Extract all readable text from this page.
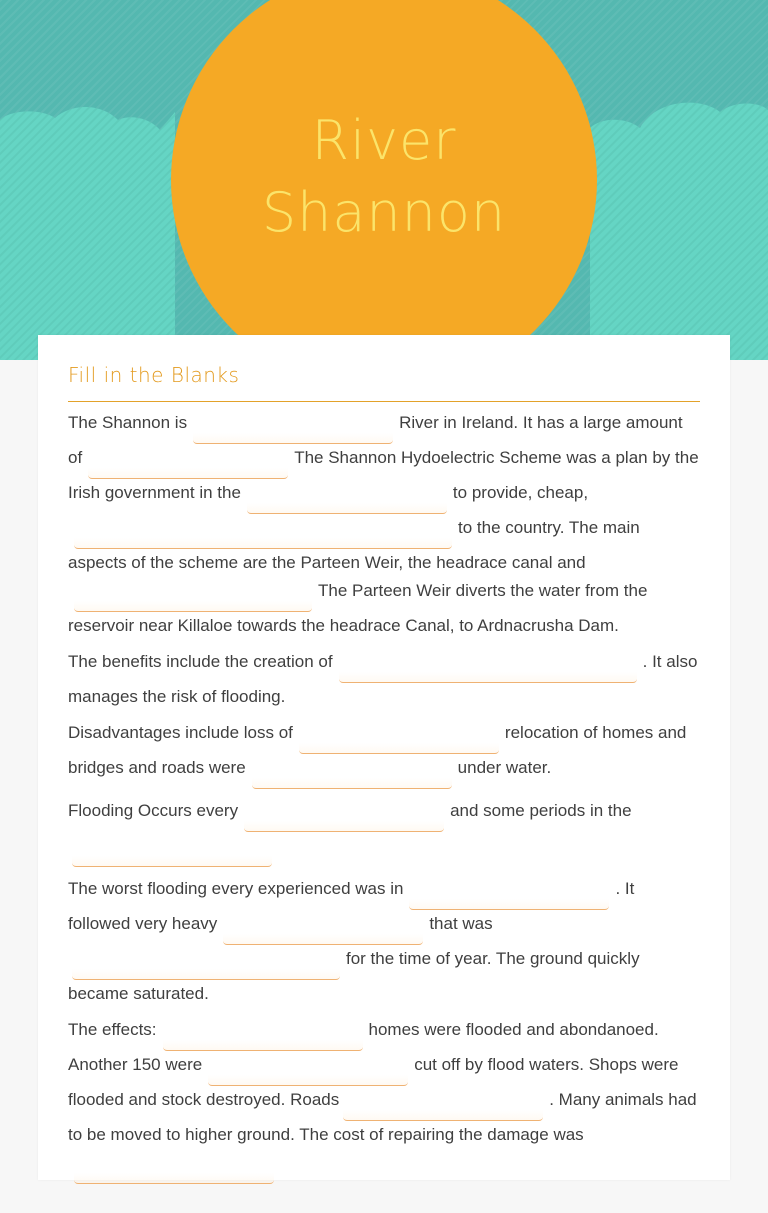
River
Shannon
Fill in the Blanks

The Shannon is	River in Ireland. It has a large amount of	The Shannon Hydoelectric Scheme was a plan by the Irish government in the	to provide, cheap,to the country. The main aspects of the scheme are the Parteen Weir, the headrace canal andThe Parteen Weir diverts the water from the reservoir near Killaloe towards the headrace Canal, to Ardnacrusha Dam.

The benefits include the creation of	. It also manages the risk of flooding.

Disadvantages include loss of	relocation of homes and bridges and roads were	under water.

Flooding Occurs every	and some periods in the

The worst flooding every experienced was in	. It followed very heavy	that wasfor the time of year. The ground quickly became saturated.

The effects:	homes were flooded and abondanoed. Another 150 were	cut off by flood waters. Shops were flooded and stock destroyed. Roads	. Many animals had to be moved to higher ground. The cost of repairing the damage was
